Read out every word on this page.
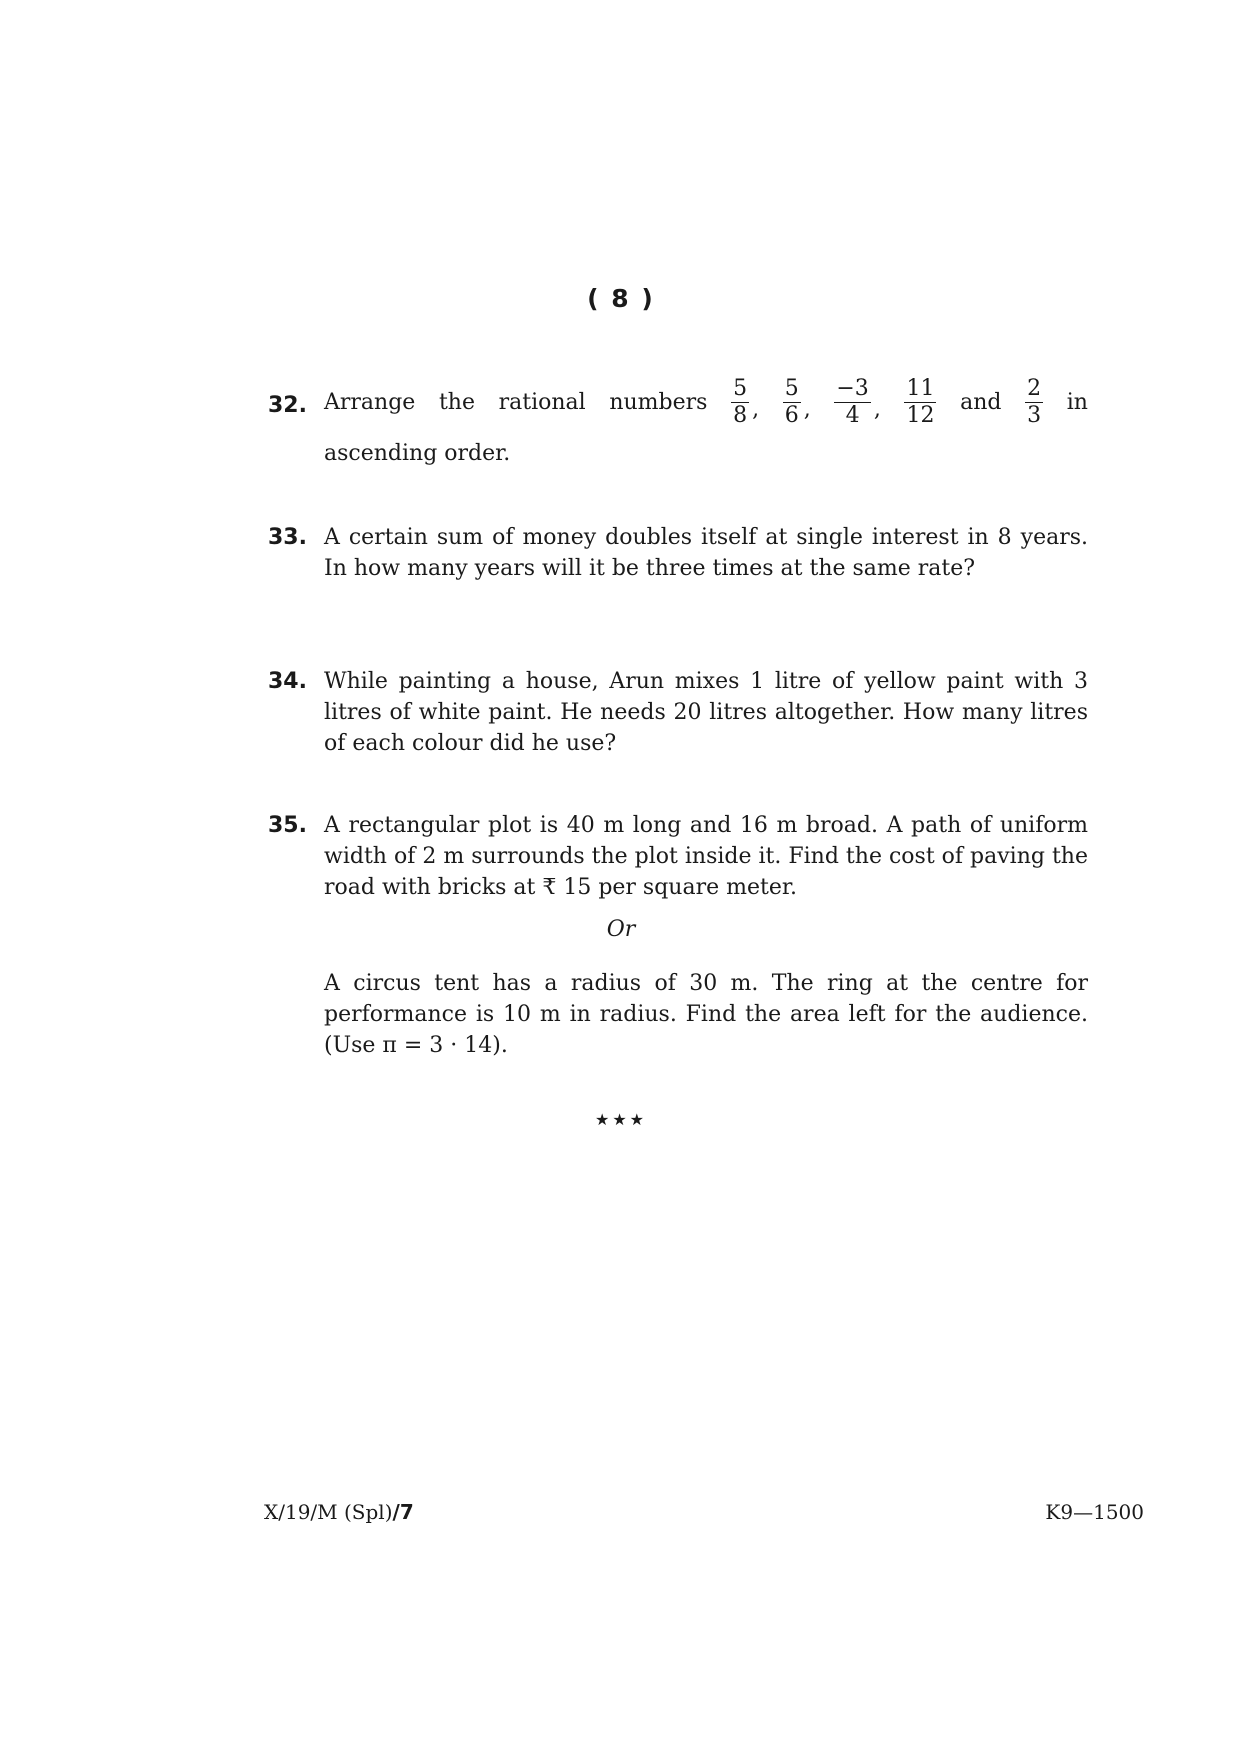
( 8 )
32. Arrange the rational numbers $\frac{5}{8}$ , $\frac{5}{6}$ , $\frac{-3}{4}$ , $\frac{11}{12}$ and $\frac{2}{3}$ in
ascending order.
33. A certain sum of money doubles itself at single interest in 8 years. In how many years will it be three times at the same rate?
34. While painting a house, Arun mixes 1 litre of yellow paint with 3 litres of white paint. He needs 20 litres altogether. How many litres of each colour did he use?
35. A rectangular plot is 40 m long and 16 m broad. A path of uniform width of 2 m surrounds the plot inside it. Find the cost of paving the road with bricks at ₹ 15 per square meter.
Or
A circus tent has a radius of 30 m. The ring at the centre for performance is 10 m in radius. Find the area left for the audience. (Use π = 3 · 14).
★★★
X/19/M (Spl)/7	K9—1500
